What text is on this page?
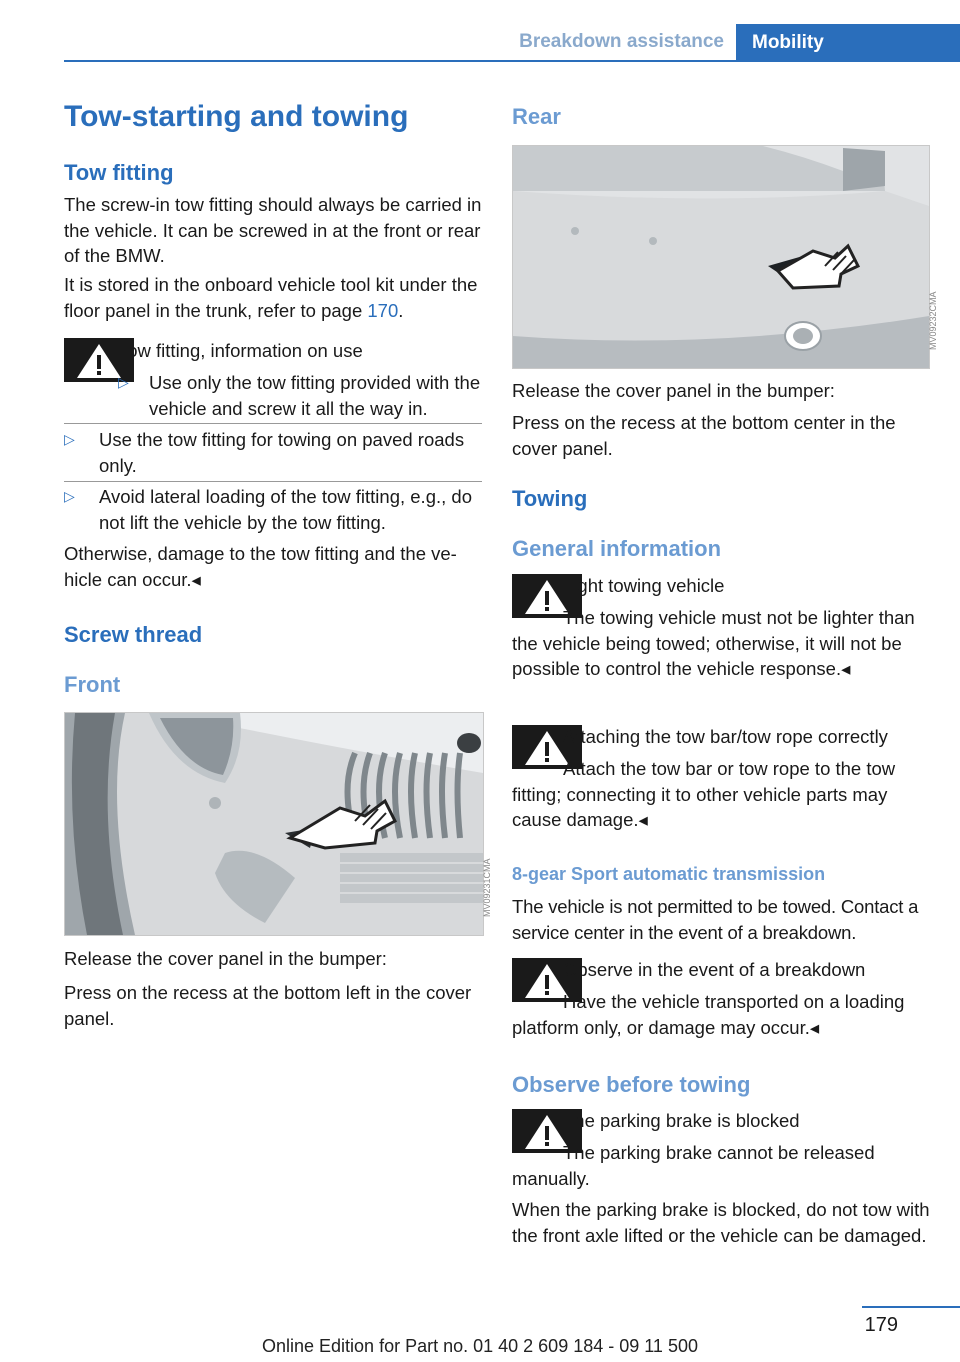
Breakdown assistance	Mobility
Tow-starting and towing
Tow fitting
The screw-in tow fitting should always be carried in the vehicle. It can be screwed in at the front or rear of the BMW.
It is stored in the onboard vehicle tool kit under the floor panel in the trunk, refer to page 170.
Tow fitting, information on use
▷ Use only the tow fitting provided with the vehicle and screw it all the way in.
▷ Use the tow fitting for towing on paved roads only.
▷ Avoid lateral loading of the tow fitting, e.g., do not lift the vehicle by the tow fitting.
Otherwise, damage to the tow fitting and the vehicle can occur.◂
Screw thread
Front
MV09231CMA
Release the cover panel in the bumper:
Press on the recess at the bottom left in the cover panel.
Rear
MV09232CMA
Release the cover panel in the bumper:
Press on the recess at the bottom center in the cover panel.
Towing
General information
Light towing vehicle
The towing vehicle must not be lighter than the vehicle being towed; otherwise, it will not be possible to control the vehicle response.◂
Attaching the tow bar/tow rope correctly
Attach the tow bar or tow rope to the tow fitting; connecting it to other vehicle parts may cause damage.◂
8-gear Sport automatic transmission
The vehicle is not permitted to be towed. Contact a service center in the event of a breakdown.
Observe in the event of a breakdown
Have the vehicle transported on a loading platform only, or damage may occur.◂
Observe before towing
The parking brake is blocked
The parking brake cannot be released manually.
When the parking brake is blocked, do not tow with the front axle lifted or the vehicle can be damaged.
179
Online Edition for Part no. 01 40 2 609 184 - 09 11 500
